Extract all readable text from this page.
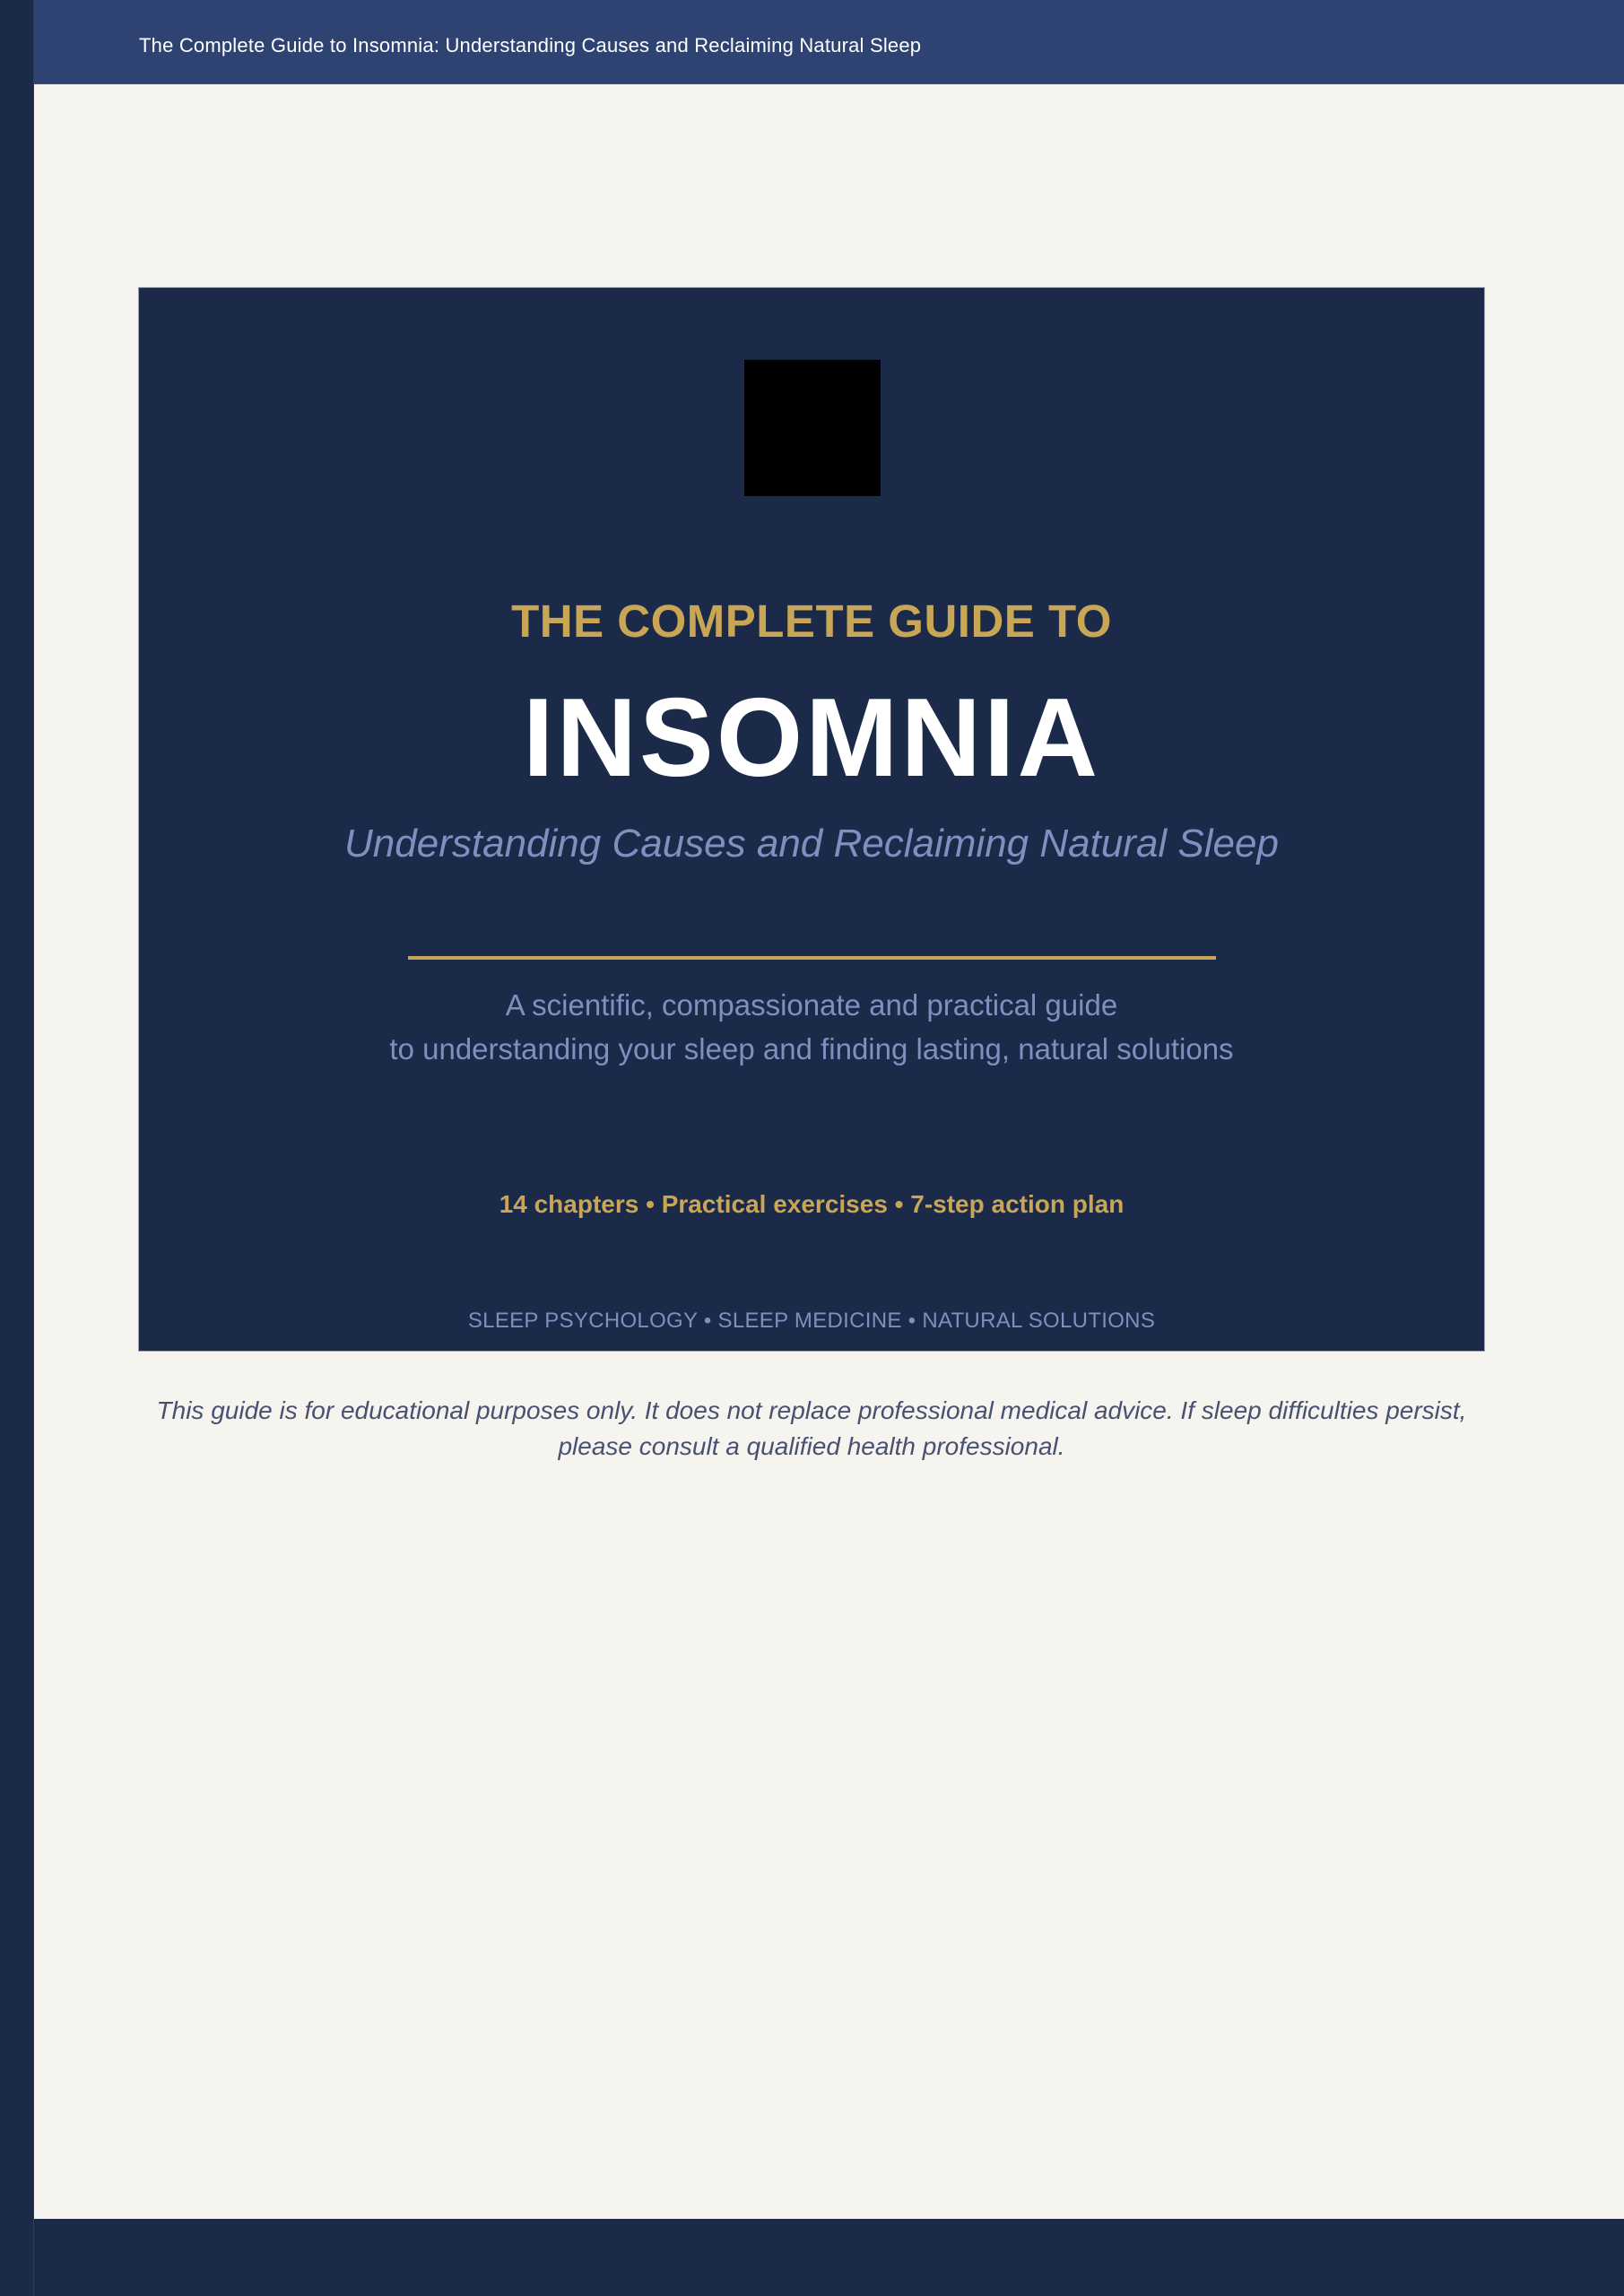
The Complete Guide to Insomnia: Understanding Causes and Reclaiming Natural Sleep
THE COMPLETE GUIDE TO
INSOMNIA
Understanding Causes and Reclaiming Natural Sleep
A scientific, compassionate and practical guide
to understanding your sleep and finding lasting, natural solutions
14 chapters • Practical exercises • 7-step action plan
SLEEP PSYCHOLOGY • SLEEP MEDICINE • NATURAL SOLUTIONS
This guide is for educational purposes only. It does not replace professional medical advice. If sleep difficulties persist,
please consult a qualified health professional.
